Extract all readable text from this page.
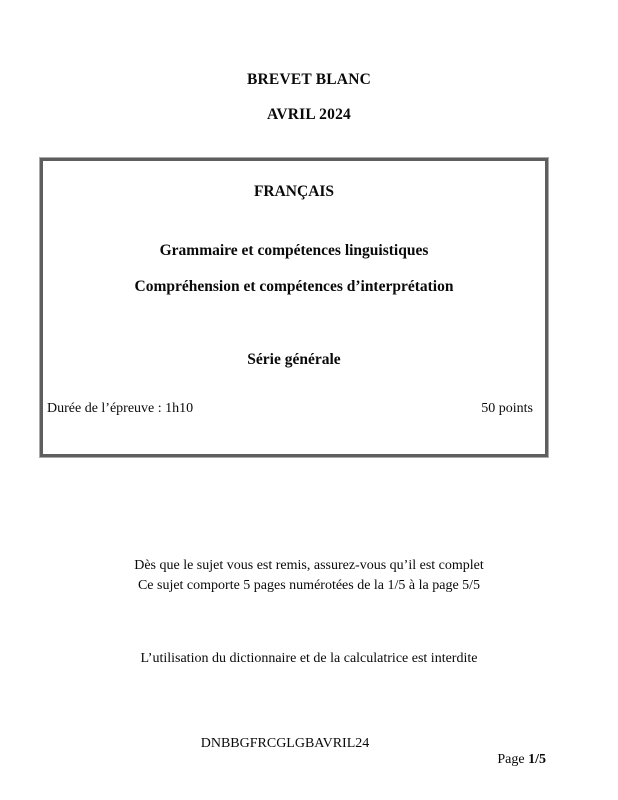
BREVET BLANC
AVRIL 2024
FRANÇAIS
Grammaire et compétences linguistiques
Compréhension et compétences d’interprétation
Série générale
Durée de l’épreuve : 1h10	50 points
Dès que le sujet vous est remis, assurez-vous qu’il est complet
Ce sujet comporte 5 pages numérotées de la 1/5 à la page 5/5
L’utilisation du dictionnaire et de la calculatrice est interdite
DNBBGFRCGLGBAVRIL24

Page 1/5
